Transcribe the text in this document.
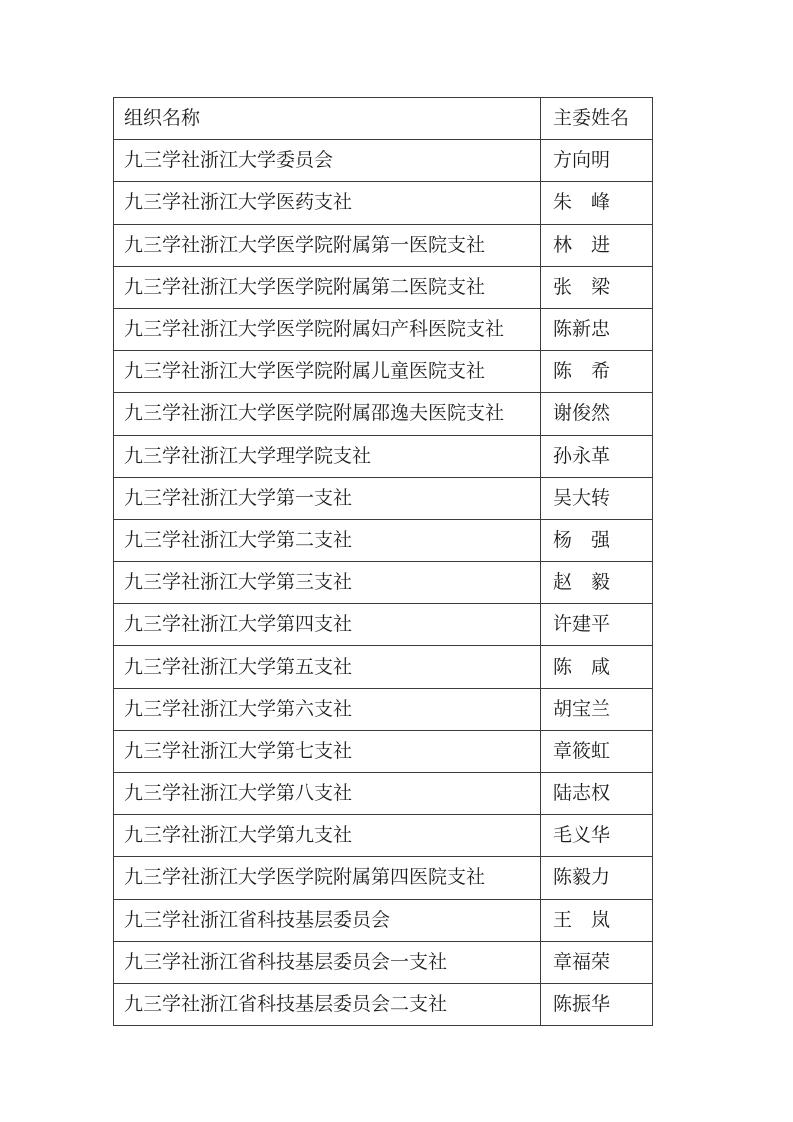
组织名称	主委姓名
九三学社浙江大学委员会	方向明
九三学社浙江大学医药支社	朱　峰
九三学社浙江大学医学院附属第一医院支社	林　进
九三学社浙江大学医学院附属第二医院支社	张　梁
九三学社浙江大学医学院附属妇产科医院支社	陈新忠
九三学社浙江大学医学院附属儿童医院支社	陈　希
九三学社浙江大学医学院附属邵逸夫医院支社	谢俊然
九三学社浙江大学理学院支社	孙永革
九三学社浙江大学第一支社	吴大转
九三学社浙江大学第二支社	杨　强
九三学社浙江大学第三支社	赵　毅
九三学社浙江大学第四支社	许建平
九三学社浙江大学第五支社	陈　咸
九三学社浙江大学第六支社	胡宝兰
九三学社浙江大学第七支社	章筱虹
九三学社浙江大学第八支社	陆志权
九三学社浙江大学第九支社	毛义华
九三学社浙江大学医学院附属第四医院支社	陈毅力
九三学社浙江省科技基层委员会	王　岚
九三学社浙江省科技基层委员会一支社	章福荣
九三学社浙江省科技基层委员会二支社	陈振华
